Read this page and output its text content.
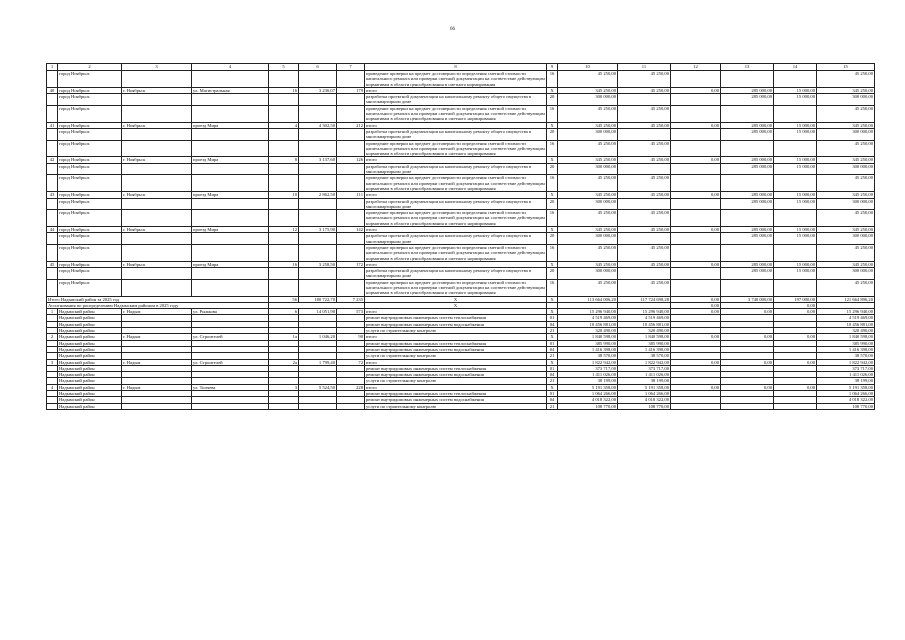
66
1	2	3	4	5	6	7	8	9	10	11	12	13	14	15
	город Ноябрьск						проведение проверки на предмет достоверности определения сметной стоимости капитального ремонта или проверки сметной документации на соответствие действующим нормативам в области ценообразования в сметного нормирования	16	45 250,00	45 250,00				45 250,00
40	город Ноябрьск	г. Ноябрьск	ул. Магистральная	16	3 236,07	179	итого	X	345 250,00	45 250,00	0,00	285 000,00	15 000,00	345 250,00
	город Ноябрьск						разработка проектной документации на капитальному ремонту общего имущества в многоквартирном доме	20	300 000,00			285 000,00	15 000,00	300 000,00
	город Ноябрьск						проведение проверки на предмет достоверности определения сметной стоимости капитального ремонта или проверки сметной документации на соответствие действующим нормативам в области ценообразования и сметного нормирования	16	45 250,00	45 250,00				45 250,00
41	город Ноябрьск	г. Ноябрьск	проезд Мира	4	4 302,50	212	итого	X	345 250,00	45 250,00	0,00	285 000,00	15 000,00	345 250,00
	город Ноябрьск						разработка проектной документации на капитальному ремонту общего имущества в многоквартирном доме	20	300 000,00			285 000,00	15 000,00	300 000,00
	город Ноябрьск						проведение проверки на предмет достоверности определения сметной стоимости капитального ремонта или проверки сметной документации на соответствие действующим нормативам в области ценообразования и сметного нормирования	16	45 250,00	45 250,00				45 250,00
42	город Ноябрьск	г. Ноябрьск	проезд Мира	8	3 137,60	126	итого	X	345 250,00	45 250,00	0,00	285 000,00	15 000,00	345 250,00
	город Ноябрьск						разработка проектной документации на капитальному ремонту общего имущества в многоквартирном доме	20	300 000,00			285 000,00	15 000,00	300 000,00
	город Ноябрьск						проведение проверки на предмет достоверности определения сметной стоимости капитального ремонта или проверки сметной документации на соответствие действующим нормативам в области ценообразования и сметного нормирования	16	45 250,00	45 250,00				45 250,00
43	город Ноябрьск	г. Ноябрьск	проезд Мира	10	2 862,50	111	итого	X	345 250,00	45 250,00	0,00	285 000,00	15 000,00	345 250,00
	город Ноябрьск						разработка проектной документации на капитальному ремонту общего имущества в многоквартирном доме	20	300 000,00			285 000,00	15 000,00	300 000,00
	город Ноябрьск						проведение проверки на предмет достоверности определения сметной стоимости капитального ремонта или проверки сметной документации на соответствие действующим нормативам в области ценообразования и сметного нормирования	16	45 250,00	45 250,00				45 250,00
44	город Ноябрьск	г. Ноябрьск	проезд Мира	12	3 175,90	142	итого	X	345 250,00	45 250,00	0,00	285 000,00	15 000,00	345 250,00
	город Ноябрьск						разработка проектной документации на капитальному ремонту общего имущества в многоквартирном доме	20	300 000,00			285 000,00	15 000,00	300 000,00
	город Ноябрьск						проведение проверки на предмет достоверности определения сметной стоимости капитального ремонта или проверки сметной документации на соответствие действующим нормативам в области ценообразования и сметного нормирования	16	45 250,00	45 250,00				45 250,00
45	город Ноябрьск	г. Ноябрьск	проезд Мира	16	3 258,50	172	итого	X	345 250,00	45 250,00	0,00	285 000,00	15 000,00	345 250,00
	город Ноябрьск						разработка проектной документации на капитальному ремонту общего имущества в многоквартирном доме	20	300 000,00			285 000,00	15 000,00	300 000,00
	город Ноябрьск						проведение проверки на предмет достоверности определения сметной стоимости капитального ремонта или проверки сметной документации на соответствие действующим нормативам в области ценообразования и сметного нормирования	16	45 250,00	45 250,00				45 250,00
Итого Надымский район за 2025 год				56	180 722,70	7 235	X	X	113 664 006,20	117 724 698,28	0,00	3 740 000,00	197 000,00	121 664 896,20
Ассигнования по распределению Надымским районом в 2025 году							X				0,00		0,00	
1	Надымский район	г. Надым	ул. Рыжкова	6	14 051,90	573	итого	X	15 296 940,00	15 296 940,00	0,00	0,00	0,00	15 296 940,00
	Надымский район						ремонт внутридомовых инженерных систем теплоснабжения	01	4 519 469,00	4 519 469,00				4 519 469,00
	Надымский район						ремонт внутридомовых инженерных систем водоснабжения	04	10 456 881,00	10 456 881,00				10 456 881,00
	Надымский район						услуги по строительному контролю	21	320 490,00	320 490,00				320 490,00
2	Надымский район	г. Надым	ул. Строителей	1а	1 046,20	90	итого	X	1 840 598,00	1 840 598,00	0,00	0,00	0,00	1 840 598,00
	Надымский район						ремонт внутридомовых инженерных систем теплоснабжения	01	385 990,00	385 990,00				385 990,00
	Надымский район						ремонт внутридомовых инженерных систем водоснабжения	04	1 416 398,00	1 416 398,00				1 416 398,00
	Надымский район						услуги по строительному контролю	21	38 570,00	38 570,00				38 570,00
3	Надымский район	г. Надым	ул. Строителей	2а	1 799,40	72	итого	X	1 822 942,00	1 822 942,00	0,00	0,00	0,00	1 822 942,00
	Надымский район						ремонт внутридомовых инженерных систем теплоснабжения	01	373 717,00	373 717,00				373 717,00
	Надымский район						ремонт внутридомовых инженерных систем водоснабжения	04	1 411 026,00	1 411 026,00				1 411 026,00
	Надымский район						услуги по строительному контролю	21	38 199,00	38 199,00				38 199,00
4	Надымский район	г. Надым	ул. Топчева	3	5 524,50	228	итого	X	5 191 358,00	5 191 358,00	0,00	0,00	0,00	5 191 358,00
	Надымский район						ремонт внутридомовых инженерных систем теплоснабжения	01	1 064 266,00	1 064 266,00				1 064 266,00
	Надымский район						ремонт внутридомовых инженерных систем водоснабжения	04	4 018 322,00	4 018 322,00				4 018 322,00
	Надымский район						услуги по строительному контролю	21	108 770,00	108 770,00				108 770,00
